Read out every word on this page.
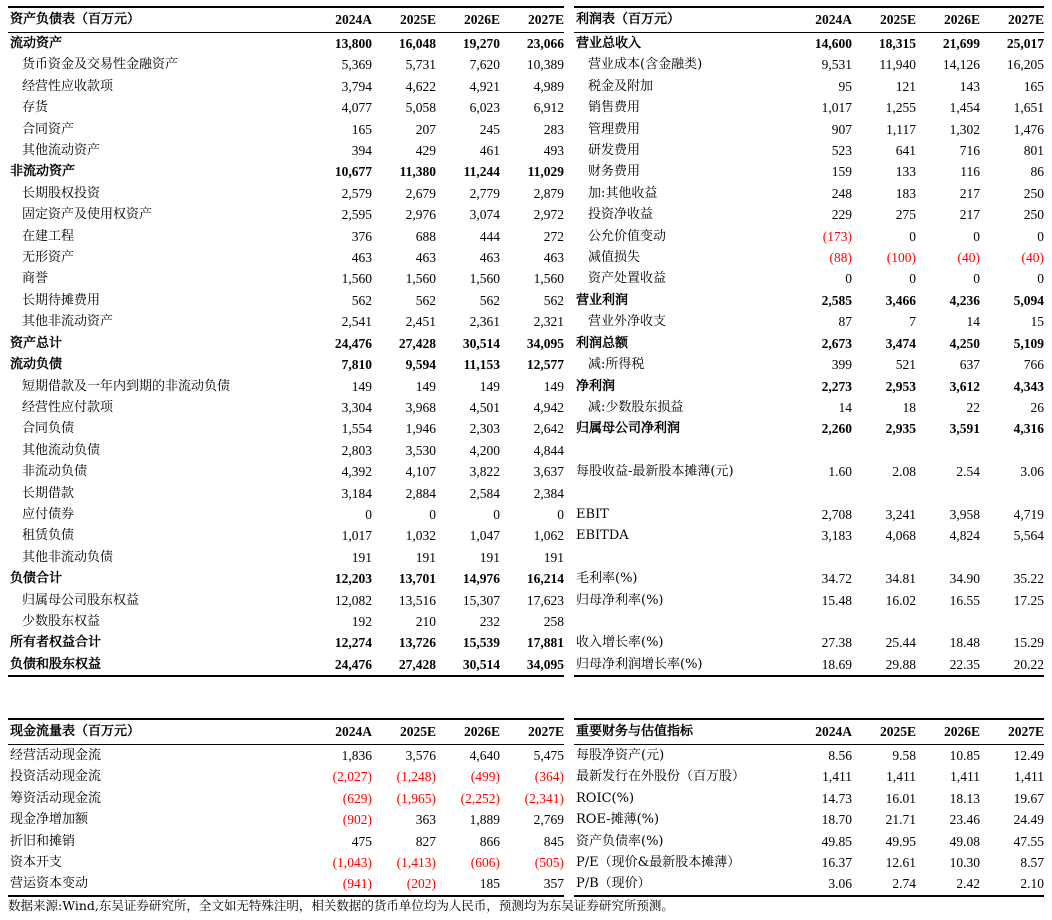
资产负债表（百万元）	2024A	2025E	2026E	2027E
流动资产	13,800	16,048	19,270	23,066
货币资金及交易性金融资产	5,369	5,731	7,620	10,389
经营性应收款项	3,794	4,622	4,921	4,989
存货	4,077	5,058	6,023	6,912
合同资产	165	207	245	283
其他流动资产	394	429	461	493
非流动资产	10,677	11,380	11,244	11,029
长期股权投资	2,579	2,679	2,779	2,879
固定资产及使用权资产	2,595	2,976	3,074	2,972
在建工程	376	688	444	272
无形资产	463	463	463	463
商誉	1,560	1,560	1,560	1,560
长期待摊费用	562	562	562	562
其他非流动资产	2,541	2,451	2,361	2,321
资产总计	24,476	27,428	30,514	34,095
流动负债	7,810	9,594	11,153	12,577
短期借款及一年内到期的非流动负债	149	149	149	149
经营性应付款项	3,304	3,968	4,501	4,942
合同负债	1,554	1,946	2,303	2,642
其他流动负债	2,803	3,530	4,200	4,844
非流动负债	4,392	4,107	3,822	3,637
长期借款	3,184	2,884	2,584	2,384
应付债券	0	0	0	0
租赁负债	1,017	1,032	1,047	1,062
其他非流动负债	191	191	191	191
负债合计	12,203	13,701	14,976	16,214
归属母公司股东权益	12,082	13,516	15,307	17,623
少数股东权益	192	210	232	258
所有者权益合计	12,274	13,726	15,539	17,881
负债和股东权益	24,476	27,428	30,514	34,095
利润表（百万元）	2024A	2025E	2026E	2027E
营业总收入	14,600	18,315	21,699	25,017
营业成本(含金融类)	9,531	11,940	14,126	16,205
税金及附加	95	121	143	165
销售费用	1,017	1,255	1,454	1,651
管理费用	907	1,117	1,302	1,476
研发费用	523	641	716	801
财务费用	159	133	116	86
加:其他收益	248	183	217	250
投资净收益	229	275	217	250
公允价值变动	(173)	0	0	0
减值损失	(88)	(100)	(40)	(40)
资产处置收益	0	0	0	0
营业利润	2,585	3,466	4,236	5,094
营业外净收支	87	7	14	15
利润总额	2,673	3,474	4,250	5,109
减:所得税	399	521	637	766
净利润	2,273	2,953	3,612	4,343
减:少数股东损益	14	18	22	26
归属母公司净利润	2,260	2,935	3,591	4,316

每股收益-最新股本摊薄(元)	1.60	2.08	2.54	3.06

EBIT	2,708	3,241	3,958	4,719
EBITDA	3,183	4,068	4,824	5,564

毛利率(%)	34.72	34.81	34.90	35.22
归母净利率(%)	15.48	16.02	16.55	17.25

收入增长率(%)	27.38	25.44	18.48	15.29
归母净利润增长率(%)	18.69	29.88	22.35	20.22
现金流量表（百万元）	2024A	2025E	2026E	2027E
经营活动现金流	1,836	3,576	4,640	5,475
投资活动现金流	(2,027)	(1,248)	(499)	(364)
筹资活动现金流	(629)	(1,965)	(2,252)	(2,341)
现金净增加额	(902)	363	1,889	2,769
折旧和摊销	475	827	866	845
资本开支	(1,043)	(1,413)	(606)	(505)
营运资本变动	(941)	(202)	185	357
重要财务与估值指标	2024A	2025E	2026E	2027E
每股净资产(元)	8.56	9.58	10.85	12.49
最新发行在外股份（百万股）	1,411	1,411	1,411	1,411
ROIC(%)	14.73	16.01	18.13	19.67
ROE-摊薄(%)	18.70	21.71	23.46	24.49
资产负债率(%)	49.85	49.95	49.08	47.55
P/E（现价&最新股本摊薄）	16.37	12.61	10.30	8.57
P/B（现价）	3.06	2.74	2.42	2.10
数据来源:Wind,东吴证券研究所，全文如无特殊注明，相关数据的货币单位均为人民币，预测均为东吴证券研究所预测。
